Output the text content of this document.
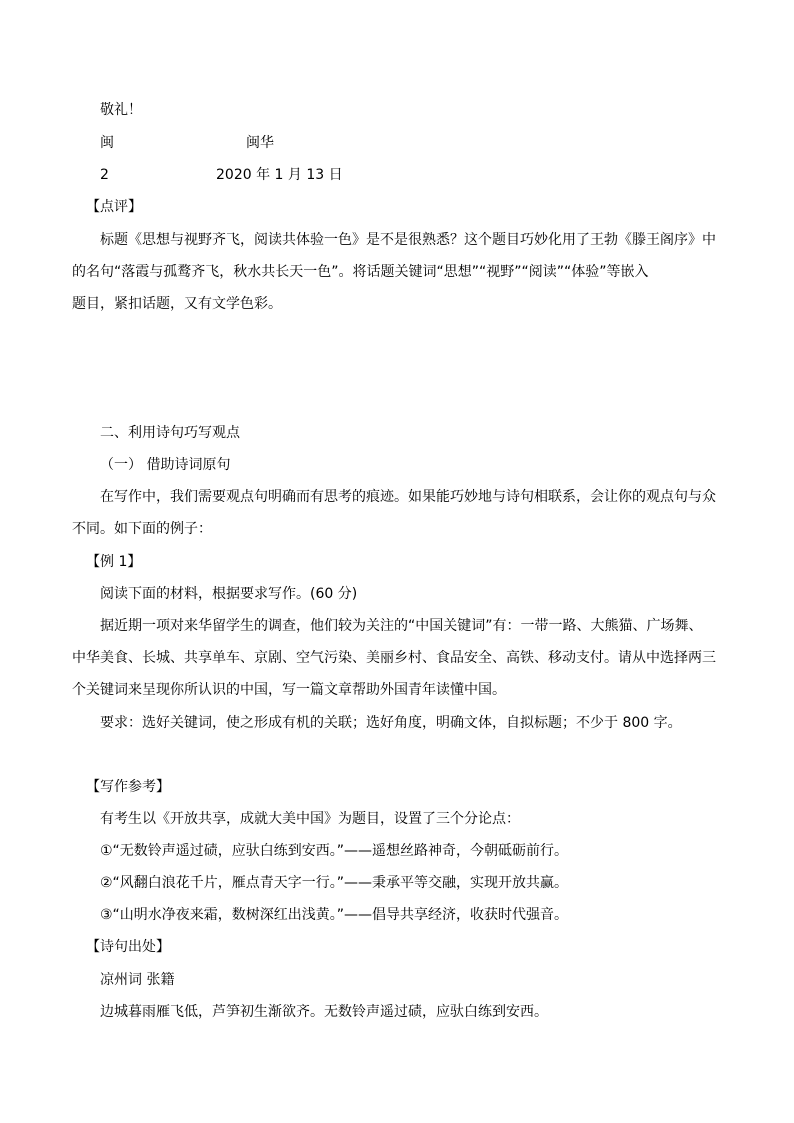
敬礼！
闽	闽华
2	2020 年 1 月 13 日
【点评】
标题《思想与视野齐飞，阅读共体验一色》是不是很熟悉？这个题目巧妙化用了王勃《滕王阁序》中
的名句“落霞与孤鹜齐飞，秋水共长天一色”。将话题关键词“思想”“视野”“阅读”“体验”等嵌入
题目，紧扣话题，又有文学色彩。
二、利用诗句巧写观点
（一） 借助诗词原句
在写作中，我们需要观点句明确而有思考的痕迹。如果能巧妙地与诗句相联系，会让你的观点句与众
不同。如下面的例子：
【例 1】
阅读下面的材料，根据要求写作。(60 分)
据近期一项对来华留学生的调查，他们较为关注的“中国关键词”有：一带一路、大熊猫、广场舞、
中华美食、长城、共享单车、京剧、空气污染、美丽乡村、食品安全、高铁、移动支付。请从中选择两三
个关键词来呈现你所认识的中国，写一篇文章帮助外国青年读懂中国。
要求：选好关键词，使之形成有机的关联；选好角度，明确文体，自拟标题；不少于 800 字。
【写作参考】
有考生以《开放共享，成就大美中国》为题目，设置了三个分论点：
①“无数铃声遥过碛，应驮白练到安西。”——遥想丝路神奇，今朝砥砺前行。
②“风翻白浪花千片，雁点青天字一行。”——秉承平等交融，实现开放共赢。
③“山明水净夜来霜，数树深红出浅黄。”——倡导共享经济，收获时代强音。
【诗句出处】
凉州词 张籍
边城暮雨雁飞低，芦笋初生渐欲齐。无数铃声遥过碛，应驮白练到安西。
